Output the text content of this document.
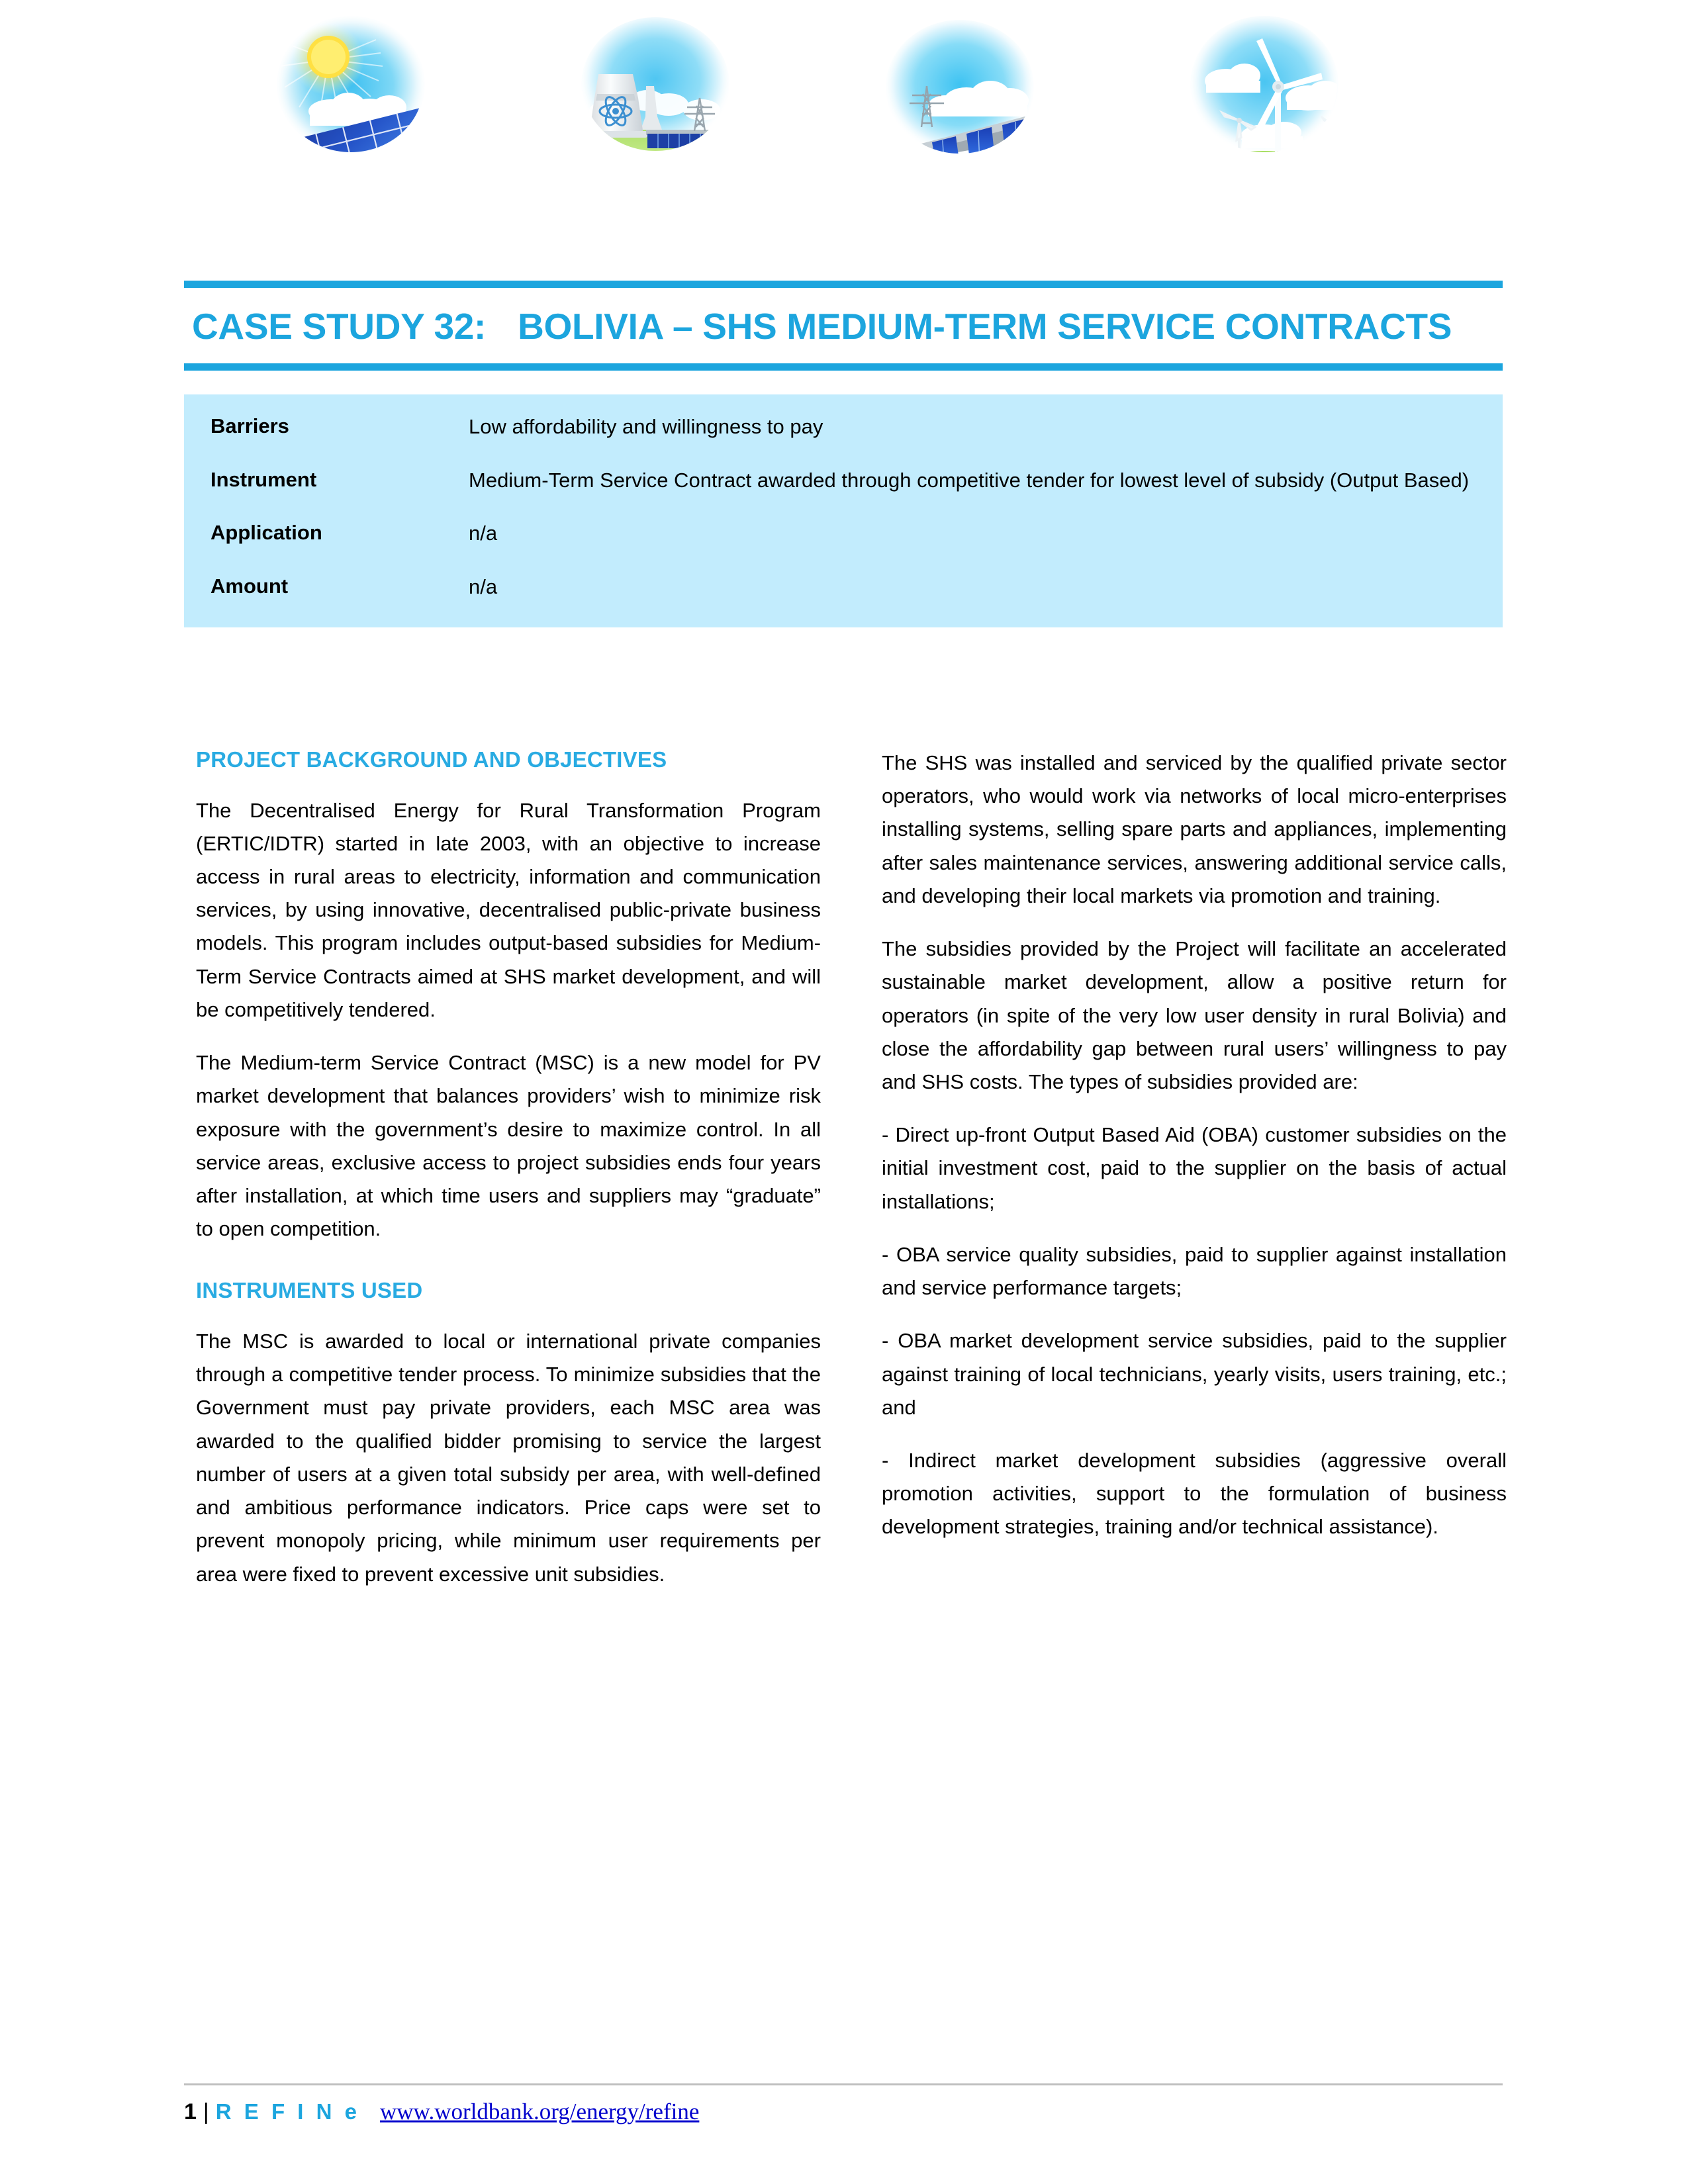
CASE STUDY 32: BOLIVIA – SHS MEDIUM-TERM SERVICE CONTRACTS
Barriers	Low affordability and willingness to pay
Instrument	Medium-Term Service Contract awarded through competitive tender for lowest level of subsidy (Output Based)
Application	n/a
Amount	n/a
PROJECT BACKGROUND AND OBJECTIVES

The Decentralised Energy for Rural Transformation Program (ERTIC/IDTR) started in late 2003, with an objective to increase access in rural areas to electricity, information and communication services, by using innovative, decentralised public-private business models. This program includes output-based subsidies for Medium-Term Service Contracts aimed at SHS market development, and will be competitively tendered.

The Medium-term Service Contract (MSC) is a new model for PV market development that balances providers’ wish to minimize risk exposure with the government’s desire to maximize control. In all service areas, exclusive access to project subsidies ends four years after installation, at which time users and suppliers may “graduate” to open competition.

INSTRUMENTS USED

The MSC is awarded to local or international private companies through a competitive tender process. To minimize subsidies that the Government must pay private providers, each MSC area was awarded to the qualified bidder promising to service the largest number of users at a given total subsidy per area, with well-defined and ambitious performance indicators. Price caps were set to prevent monopoly pricing, while minimum user requirements per area were fixed to prevent excessive unit subsidies.

The SHS was installed and serviced by the qualified private sector operators, who would work via networks of local micro-enterprises installing systems, selling spare parts and appliances, implementing after sales maintenance services, answering additional service calls, and developing their local markets via promotion and training.

The subsidies provided by the Project will facilitate an accelerated sustainable market development, allow a positive return for operators (in spite of the very low user density in rural Bolivia) and close the affordability gap between rural users’ willingness to pay and SHS costs. The types of subsidies provided are:

- Direct up-front Output Based Aid (OBA) customer subsidies on the initial investment cost, paid to the supplier on the basis of actual installations;

- OBA service quality subsidies, paid to supplier against installation and service performance targets;

- OBA market development service subsidies, paid to the supplier against training of local technicians, yearly visits, users training, etc.; and

- Indirect market development subsidies (aggressive overall promotion activities, support to the formulation of business development strategies, training and/or technical assistance).

1 | R E F I N e www.worldbank.org/energy/refine
